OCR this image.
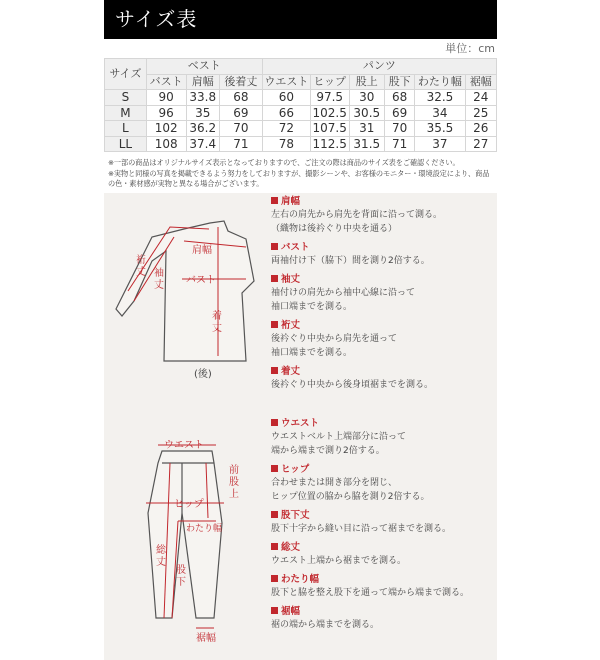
サイズ表
単位：cm
サイズ	ベスト			パンツ					
	バスト	肩幅	後着丈	ウエスト	ヒップ	股上	股下	わたり幅	裾幅
S	90	33.8	68	60	97.5	30	68	32.5	24
M	96	35	69	66	102.5	30.5	69	34	25
L	102	36.2	70	72	107.5	31	70	35.5	26
LL	108	37.4	71	78	112.5	31.5	71	37	27
※一部の商品はオリジナルサイズ表示となっておりますので、ご注文の際は商品のサイズ表をご確認ください。
※実物と同様の写真を掲載できるよう努力をしておりますが、撮影シーンや、お客様のモニター・環境設定により、商品の色・素材感が実物と異なる場合がございます。
肩幅
バスト
着
丈
袖
丈
裄
丈
(後)
ウエスト
前
股
上
ヒップ
わたり幅
総
丈
股
下
裾幅
肩幅
左右の肩先から肩先を背面に沿って測る。
（織物は後衿ぐり中央を通る）
バスト
両袖付け下（脇下）間を測り2倍する。
袖丈
袖付けの肩先から袖中心線に沿って
袖口端までを測る。
裄丈
後衿ぐり中央から肩先を通って
袖口端までを測る。
着丈
後衿ぐり中央から後身頃裾までを測る。
ウエスト
ウエストベルト上端部分に沿って
端から端まで測り2倍する。
ヒップ
合わせまたは開き部分を閉じ、
ヒップ位置の脇から脇を測り2倍する。
股下丈
股下十字から縫い目に沿って裾までを測る。
総丈
ウエスト上端から裾までを測る。
わたり幅
股下と脇を整え股下を通って端から端まで測る。
裾幅
裾の端から端までを測る。
